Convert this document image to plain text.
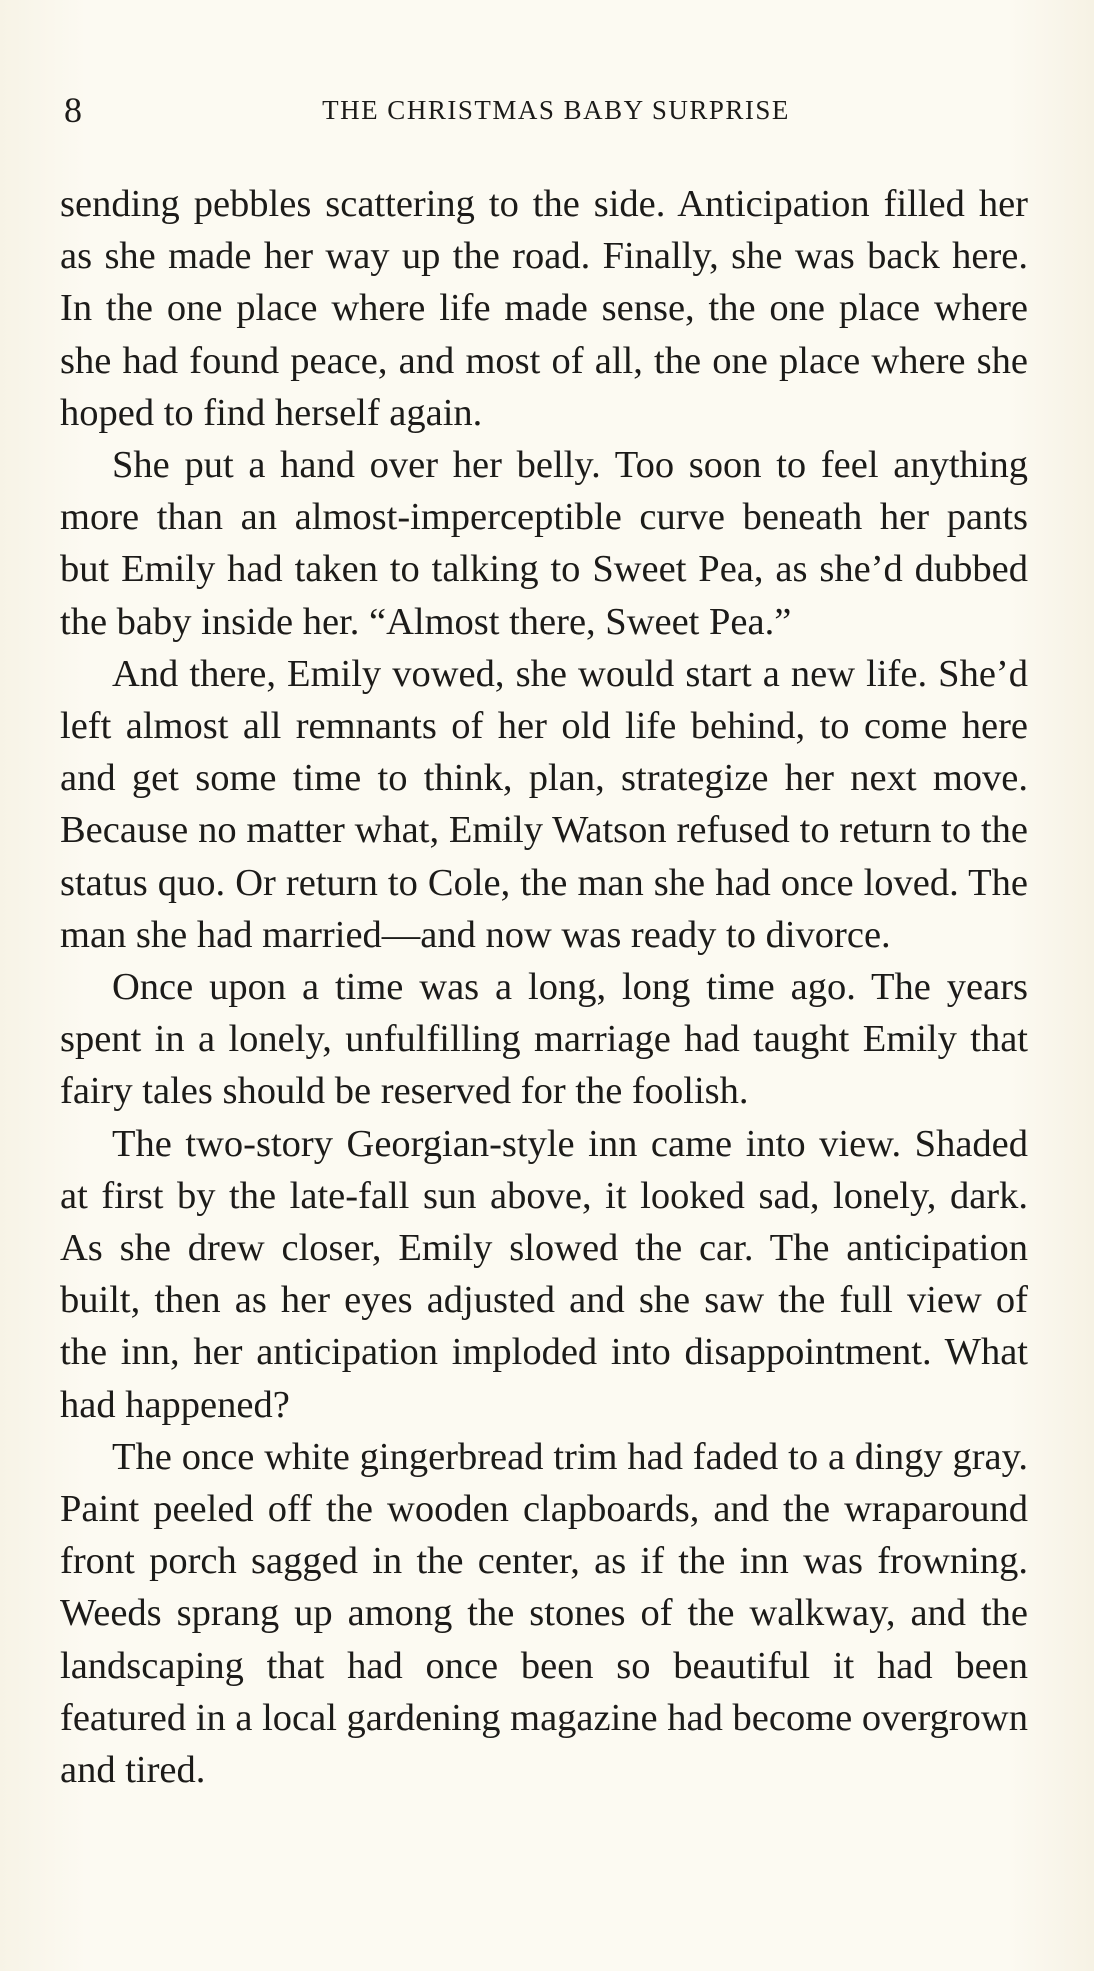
8	THE CHRISTMAS BABY SURPRISE

sending pebbles scattering to the side. Anticipation filled her as she made her way up the road. Finally, she was back here. In the one place where life made sense, the one place where she had found peace, and most of all, the one place where she hoped to find herself again.

She put a hand over her belly. Too soon to feel anything more than an almost-imperceptible curve beneath her pants but Emily had taken to talking to Sweet Pea, as she’d dubbed the baby inside her. “Almost there, Sweet Pea.”

And there, Emily vowed, she would start a new life. She’d left almost all remnants of her old life behind, to come here and get some time to think, plan, strategize her next move. Because no matter what, Emily Watson refused to return to the status quo. Or return to Cole, the man she had once loved. The man she had married—and now was ready to divorce.

Once upon a time was a long, long time ago. The years spent in a lonely, unfulfilling marriage had taught Emily that fairy tales should be reserved for the foolish.

The two-story Georgian-style inn came into view. Shaded at first by the late-fall sun above, it looked sad, lonely, dark. As she drew closer, Emily slowed the car. The anticipation built, then as her eyes adjusted and she saw the full view of the inn, her anticipation imploded into disappointment. What had happened?

The once white gingerbread trim had faded to a dingy gray. Paint peeled off the wooden clapboards, and the wraparound front porch sagged in the center, as if the inn was frowning. Weeds sprang up among the stones of the walkway, and the landscaping that had once been so beautiful it had been featured in a local gardening magazine had become overgrown and tired.
